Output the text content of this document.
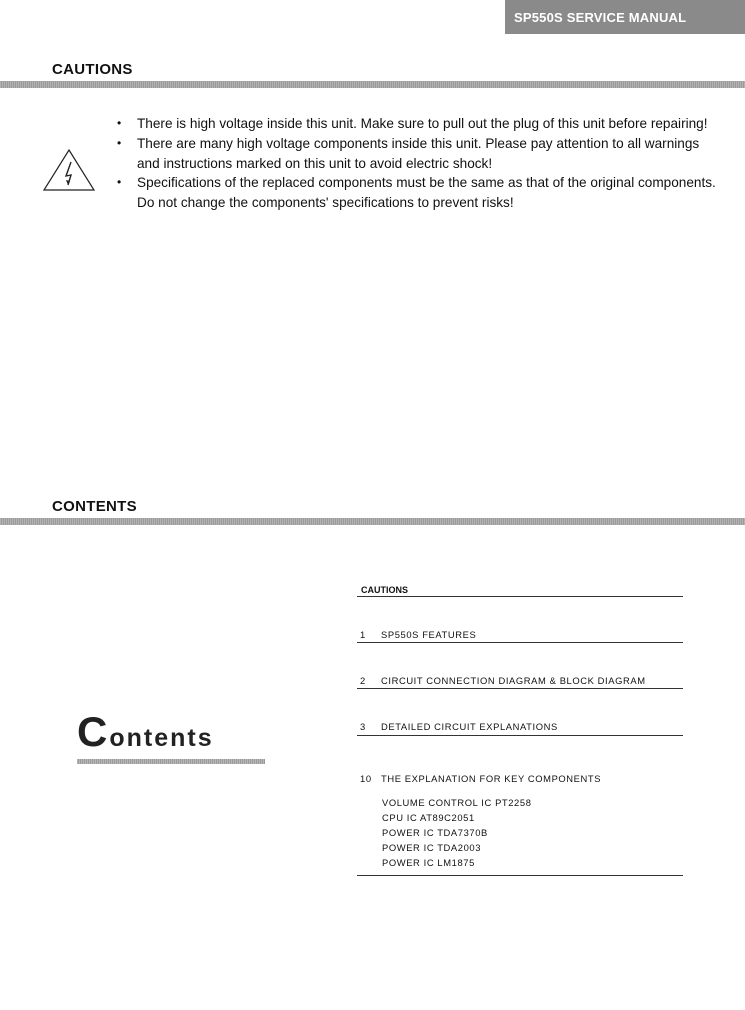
SP550S SERVICE MANUAL
CAUTIONS
• There is high voltage inside this unit. Make sure to pull out the plug of this unit before repairing!
• There are many high voltage components inside this unit. Please pay attention to all warnings and instructions marked on this unit to avoid electric shock!
• Specifications of the replaced components must be the same as that of the original components. Do not change the components' specifications to prevent risks!
CONTENTS
Contents
CAUTIONS
1 SP550S FEATURES
2 CIRCUIT CONNECTION DIAGRAM & BLOCK DIAGRAM
3 DETAILED CIRCUIT EXPLANATIONS
10 THE EXPLANATION FOR KEY COMPONENTS
VOLUME CONTROL IC PT2258
CPU IC AT89C2051
POWER IC TDA7370B
POWER IC TDA2003
POWER IC LM1875
